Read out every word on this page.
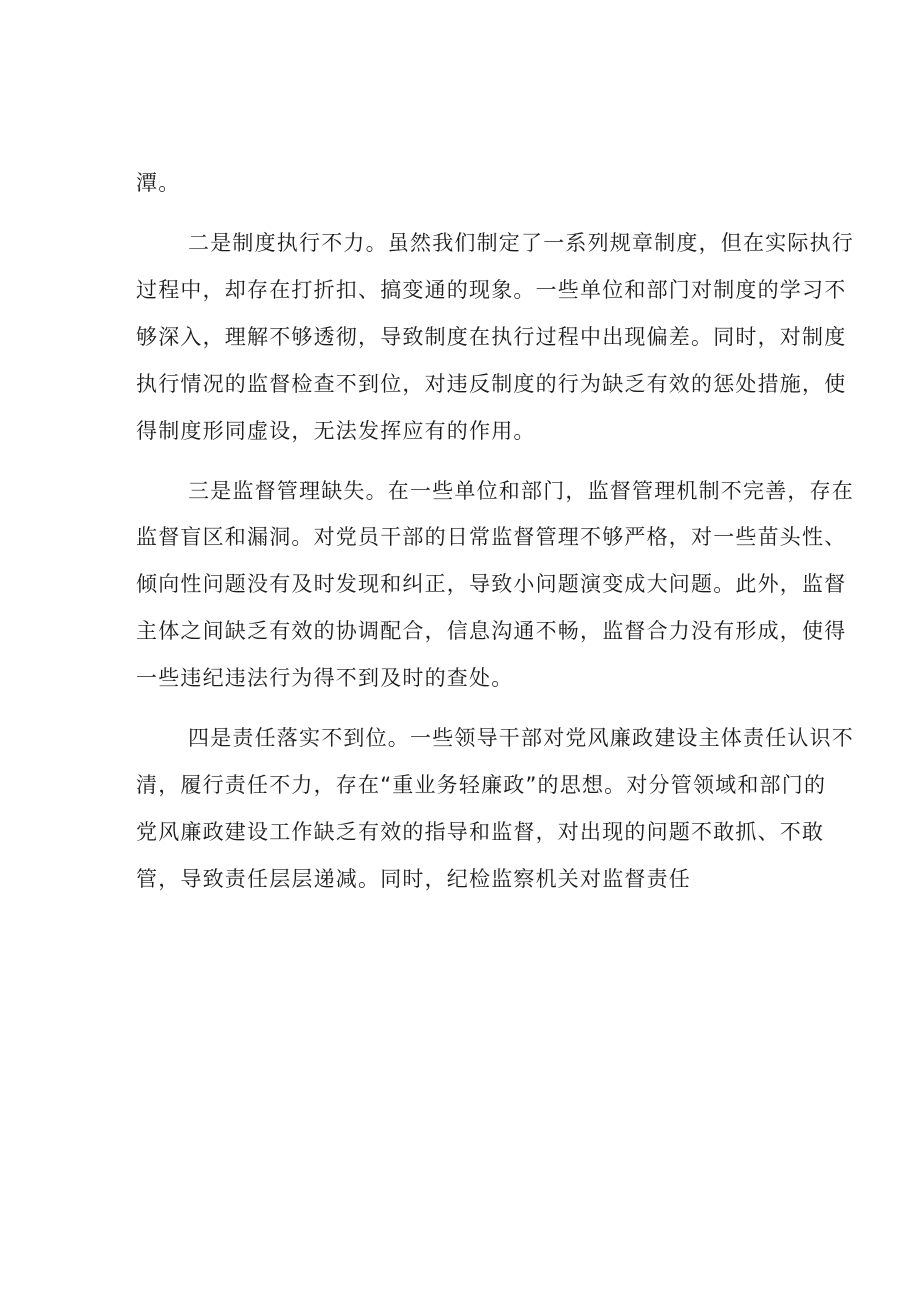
潭。
二是制度执行不力。虽然我们制定了一系列规章制度，但在实际执行
过程中，却存在打折扣、搞变通的现象。一些单位和部门对制度的学习不
够深入，理解不够透彻，导致制度在执行过程中出现偏差。同时，对制度
执行情况的监督检查不到位，对违反制度的行为缺乏有效的惩处措施，使
得制度形同虚设，无法发挥应有的作用。
三是监督管理缺失。在一些单位和部门，监督管理机制不完善，存在
监督盲区和漏洞。对党员干部的日常监督管理不够严格，对一些苗头性、
倾向性问题没有及时发现和纠正，导致小问题演变成大问题。此外，监督
主体之间缺乏有效的协调配合，信息沟通不畅，监督合力没有形成，使得
一些违纪违法行为得不到及时的查处。
四是责任落实不到位。一些领导干部对党风廉政建设主体责任认识不
清，履行责任不力，存在“重业务轻廉政”的思想。对分管领域和部门的
党风廉政建设工作缺乏有效的指导和监督，对出现的问题不敢抓、不敢
管，导致责任层层递减。同时，纪检监察机关对监督责任
